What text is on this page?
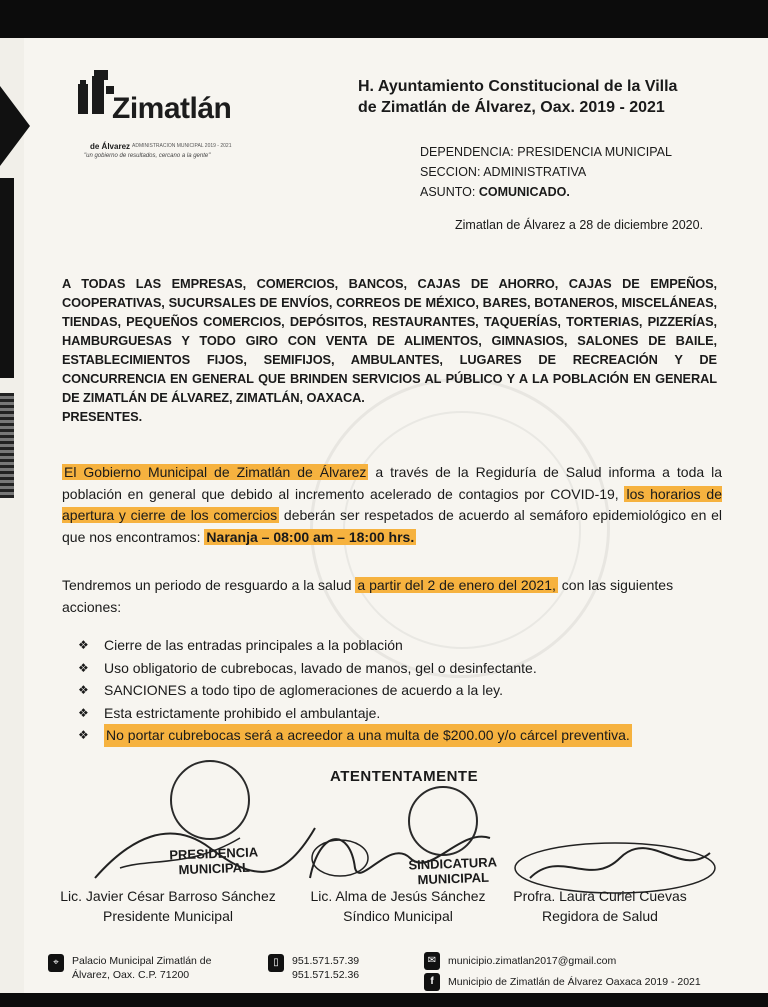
Zimatlán
de Álvarez ADMINISTRACION MUNICIPAL 2019 - 2021
"un gobierno de resultados, cercano a la gente"
H. Ayuntamiento Constitucional de la Villa
de Zimatlán de Álvarez, Oax. 2019 - 2021
DEPENDENCIA: PRESIDENCIA MUNICIPAL
SECCION: ADMINISTRATIVA
ASUNTO: COMUNICADO.
Zimatlan de Álvarez a 28 de diciembre 2020.
A TODAS LAS EMPRESAS, COMERCIOS, BANCOS, CAJAS DE AHORRO, CAJAS DE EMPEÑOS, COOPERATIVAS, SUCURSALES DE ENVÍOS, CORREOS DE MÉXICO, BARES, BOTANEROS, MISCELÁNEAS, TIENDAS, PEQUEÑOS COMERCIOS, DEPÓSITOS, RESTAURANTES, TAQUERÍAS, TORTERIAS, PIZZERÍAS, HAMBURGUESAS Y TODO GIRO CON VENTA DE ALIMENTOS, GIMNASIOS, SALONES DE BAILE, ESTABLECIMIENTOS FIJOS, SEMIFIJOS, AMBULANTES, LUGARES DE RECREACIÓN Y DE CONCURRENCIA EN GENERAL QUE BRINDEN SERVICIOS AL PÚBLICO Y A LA POBLACIÓN EN GENERAL DE ZIMATLÁN DE ÁLVAREZ, ZIMATLÁN, OAXACA.
PRESENTES.
El Gobierno Municipal de Zimatlán de Álvarez a través de la Regiduría de Salud informa a toda la población en general que debido al incremento acelerado de contagios por COVID-19, los horarios de apertura y cierre de los comercios deberán ser respetados de acuerdo al semáforo epidemiológico en el que nos encontramos: Naranja – 08:00 am – 18:00 hrs.
Tendremos un periodo de resguardo a la salud a partir del 2 de enero del 2021, con las siguientes acciones:
❖	Cierre de las entradas principales a la población
❖	Uso obligatorio de cubrebocas, lavado de manos, gel o desinfectante.
❖	SANCIONES a todo tipo de aglomeraciones de acuerdo a la ley.
❖	Esta estrictamente prohibido el ambulantaje.
❖	No portar cubrebocas será a acreedor a una multa de $200.00 y/o cárcel preventiva.
ATENTENTAMENTE
PRESIDENCIA MUNICIPAL	SINDICATURA MUNICIPAL
Lic. Javier César Barroso Sánchez
Presidente Municipal
Lic. Alma de Jesús Sánchez
Síndico Municipal
Profra. Laura Curiel Cuevas
Regidora de Salud
⌖	Palacio Municipal Zimatlán de
Álvarez, Oax. C.P. 71200
▯	951.571.57.39
951.571.52.36
✉	municipio.zimatlan2017@gmail.com
f	Municipio de Zimatlán de Álvarez Oaxaca 2019 - 2021
